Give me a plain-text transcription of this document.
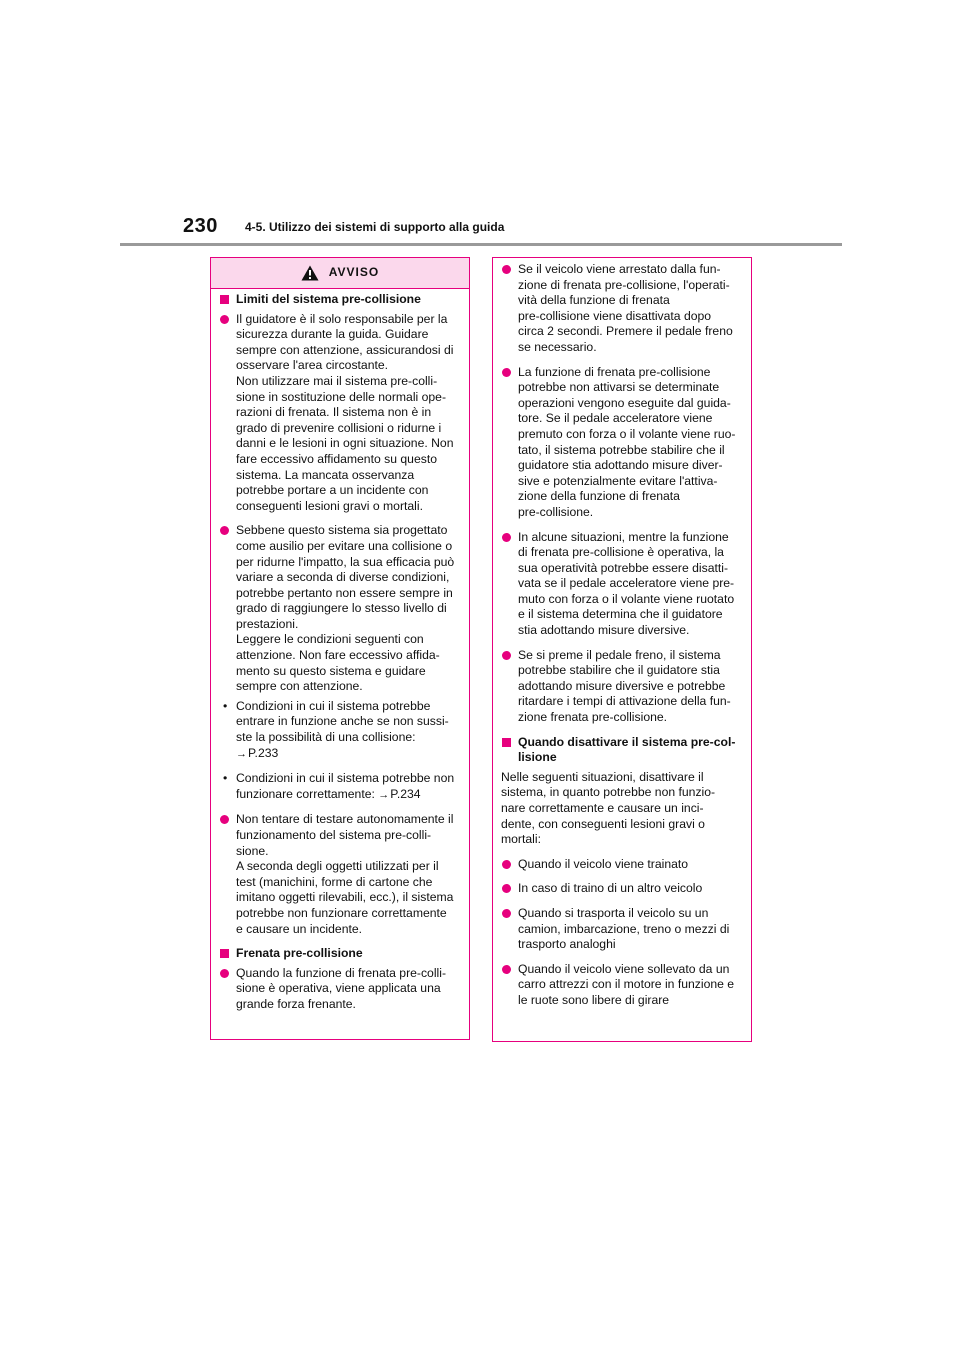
230 4-5. Utilizzo dei sistemi di supporto alla guida
AVVISO
Limiti del sistema pre-collisione
Il guidatore è il solo responsabile per la
sicurezza durante la guida. Guidare
sempre con attenzione, assicurandosi di
osservare l'area circostante.
Non utilizzare mai il sistema pre-colli-
sione in sostituzione delle normali ope-
razioni di frenata. Il sistema non è in
grado di prevenire collisioni o ridurne i
danni e le lesioni in ogni situazione. Non
fare eccessivo affidamento su questo
sistema. La mancata osservanza
potrebbe portare a un incidente con
conseguenti lesioni gravi o mortali.
Sebbene questo sistema sia progettato
come ausilio per evitare una collisione o
per ridurne l'impatto, la sua efficacia può
variare a seconda di diverse condizioni,
potrebbe pertanto non essere sempre in
grado di raggiungere lo stesso livello di
prestazioni.
Leggere le condizioni seguenti con
attenzione. Non fare eccessivo affida-
mento su questo sistema e guidare
sempre con attenzione.
• Condizioni in cui il sistema potrebbe
entrare in funzione anche se non sussi-
ste la possibilità di una collisione:
→P.233
• Condizioni in cui il sistema potrebbe non
funzionare correttamente: →P.234
Non tentare di testare autonomamente il
funzionamento del sistema pre-colli-
sione.
A seconda degli oggetti utilizzati per il
test (manichini, forme di cartone che
imitano oggetti rilevabili, ecc.), il sistema
potrebbe non funzionare correttamente
e causare un incidente.
Frenata pre-collisione
Quando la funzione di frenata pre-colli-
sione è operativa, viene applicata una
grande forza frenante.
Se il veicolo viene arrestato dalla fun-
zione di frenata pre-collisione, l'operati-
vità della funzione di frenata
pre-collisione viene disattivata dopo
circa 2 secondi. Premere il pedale freno
se necessario.
La funzione di frenata pre-collisione
potrebbe non attivarsi se determinate
operazioni vengono eseguite dal guida-
tore. Se il pedale acceleratore viene
premuto con forza o il volante viene ruo-
tato, il sistema potrebbe stabilire che il
guidatore stia adottando misure diver-
sive e potenzialmente evitare l'attiva-
zione della funzione di frenata
pre-collisione.
In alcune situazioni, mentre la funzione
di frenata pre-collisione è operativa, la
sua operatività potrebbe essere disatti-
vata se il pedale acceleratore viene pre-
muto con forza o il volante viene ruotato
e il sistema determina che il guidatore
stia adottando misure diversive.
Se si preme il pedale freno, il sistema
potrebbe stabilire che il guidatore stia
adottando misure diversive e potrebbe
ritardare i tempi di attivazione della fun-
zione frenata pre-collisione.
Quando disattivare il sistema pre-col-
lisione
Nelle seguenti situazioni, disattivare il
sistema, in quanto potrebbe non funzio-
nare correttamente e causare un inci-
dente, con conseguenti lesioni gravi o
mortali:
Quando il veicolo viene trainato
In caso di traino di un altro veicolo
Quando si trasporta il veicolo su un
camion, imbarcazione, treno o mezzi di
trasporto analoghi
Quando il veicolo viene sollevato da un
carro attrezzi con il motore in funzione e
le ruote sono libere di girare
